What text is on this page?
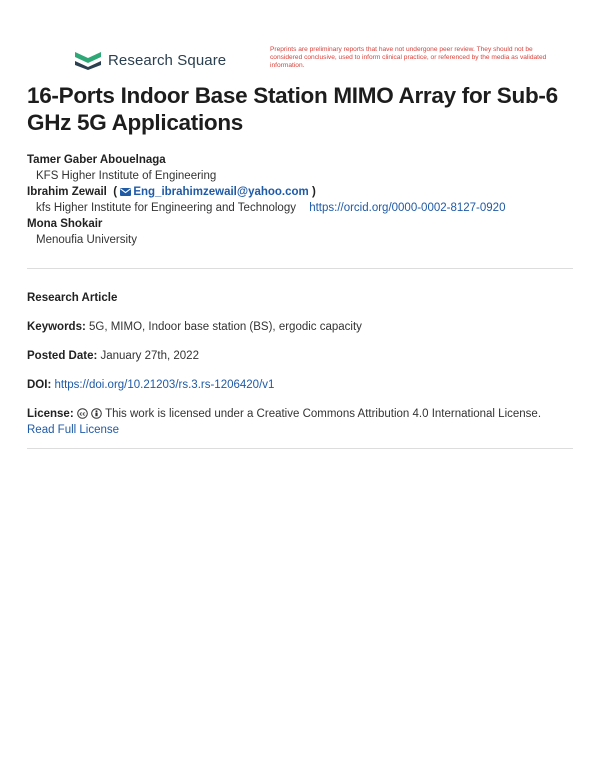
Research Square
Preprints are preliminary reports that have not undergone peer review. They should not be considered conclusive, used to inform clinical practice, or referenced by the media as validated information.
16-Ports Indoor Base Station MIMO Array for Sub-6 GHz 5G Applications
Tamer Gaber Abouelnaga
KFS Higher Institute of Engineering
Ibrahim Zewail  ( Eng_ibrahimzewail@yahoo.com )
kfs Higher Institute for Engineering and Technology https://orcid.org/0000-0002-8127-0920
Mona Shokair
Menoufia University
Research Article
Keywords: 5G, MIMO, Indoor base station (BS), ergodic capacity
Posted Date: January 27th, 2022
DOI: https://doi.org/10.21203/rs.3.rs-1206420/v1
License: cc This work is licensed under a Creative Commons Attribution 4.0 International License.
Read Full License
